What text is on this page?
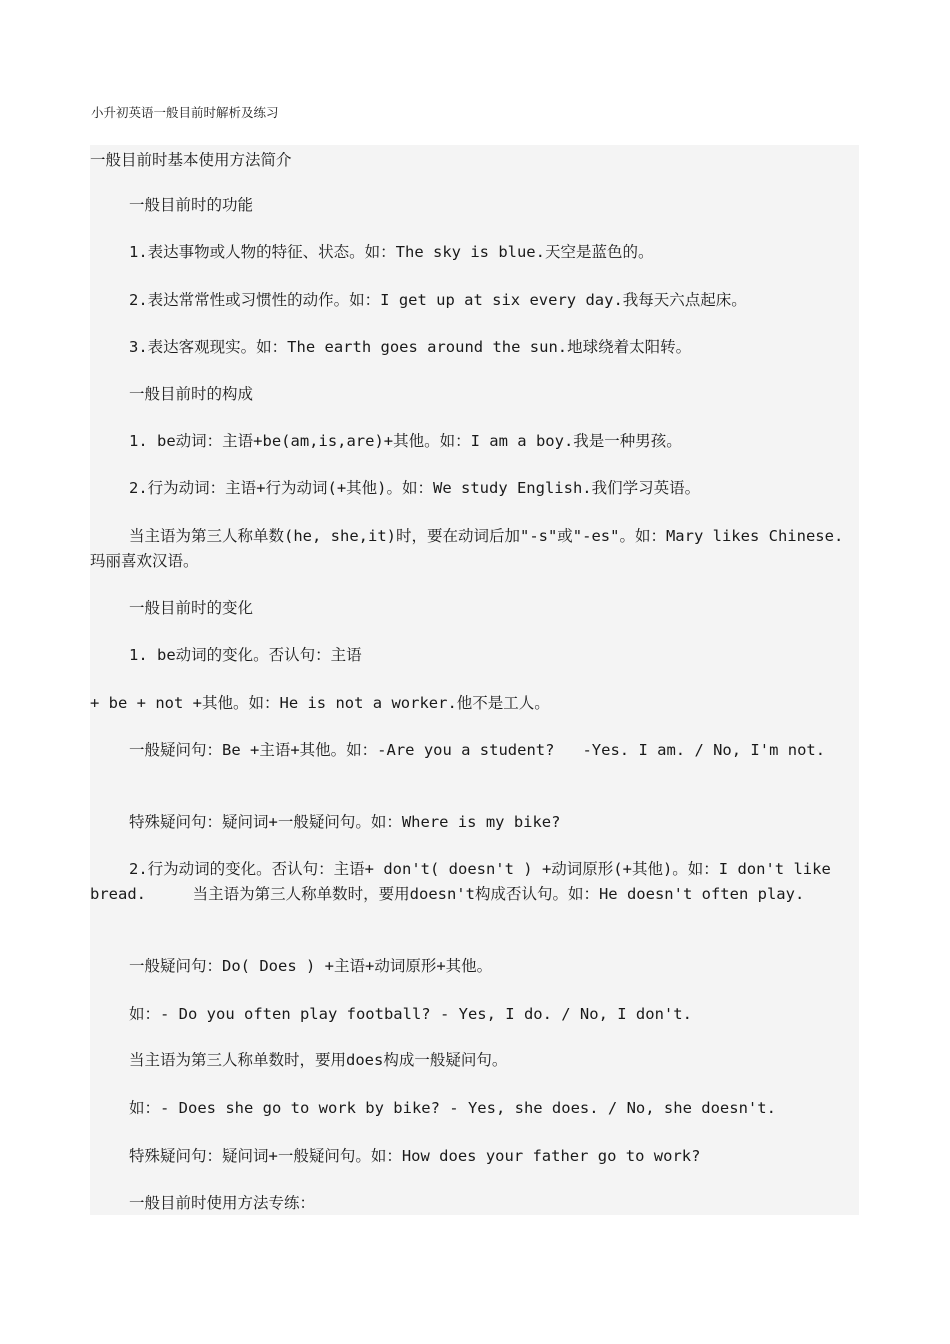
小升初英语一般目前时解析及练习

一般目前时基本使用方法简介

一般目前时的功能

1.表达事物或人物的特征、状态。如：The sky is blue.天空是蓝色的。

2.表达常常性或习惯性的动作。如：I get up at six every day.我每天六点起床。

3.表达客观现实。如：The earth goes around the sun.地球绕着太阳转。

一般目前时的构成

1. be动词：主语+be(am,is,are)+其他。如：I am a boy.我是一种男孩。

2.行为动词：主语+行为动词(+其他)。如：We study English.我们学习英语。

当主语为第三人称单数(he, she,it)时，要在动词后加"-s"或"-es"。如：Mary likes Chinese.玛丽喜欢汉语。

一般目前时的变化

1. be动词的变化。否认句：主语

+ be + not +其他。如：He is not a worker.他不是工人。

一般疑问句：Be +主语+其他。如：-Are you a student?   -Yes. I am. / No, I'm not.

特殊疑问句：疑问词+一般疑问句。如：Where is my bike?

2.行为动词的变化。否认句：主语+ don't( doesn't ) +动词原形(+其他)。如：I don't like bread.     当主语为第三人称单数时，要用doesn't构成否认句。如：He doesn't often play.

一般疑问句：Do( Does ) +主语+动词原形+其他。

如：- Do you often play football? - Yes, I do. / No, I don't.

当主语为第三人称单数时，要用does构成一般疑问句。

如：- Does she go to work by bike? - Yes, she does. / No, she doesn't.

特殊疑问句：疑问词+一般疑问句。如：How does your father go to work?

一般目前时使用方法专练：
